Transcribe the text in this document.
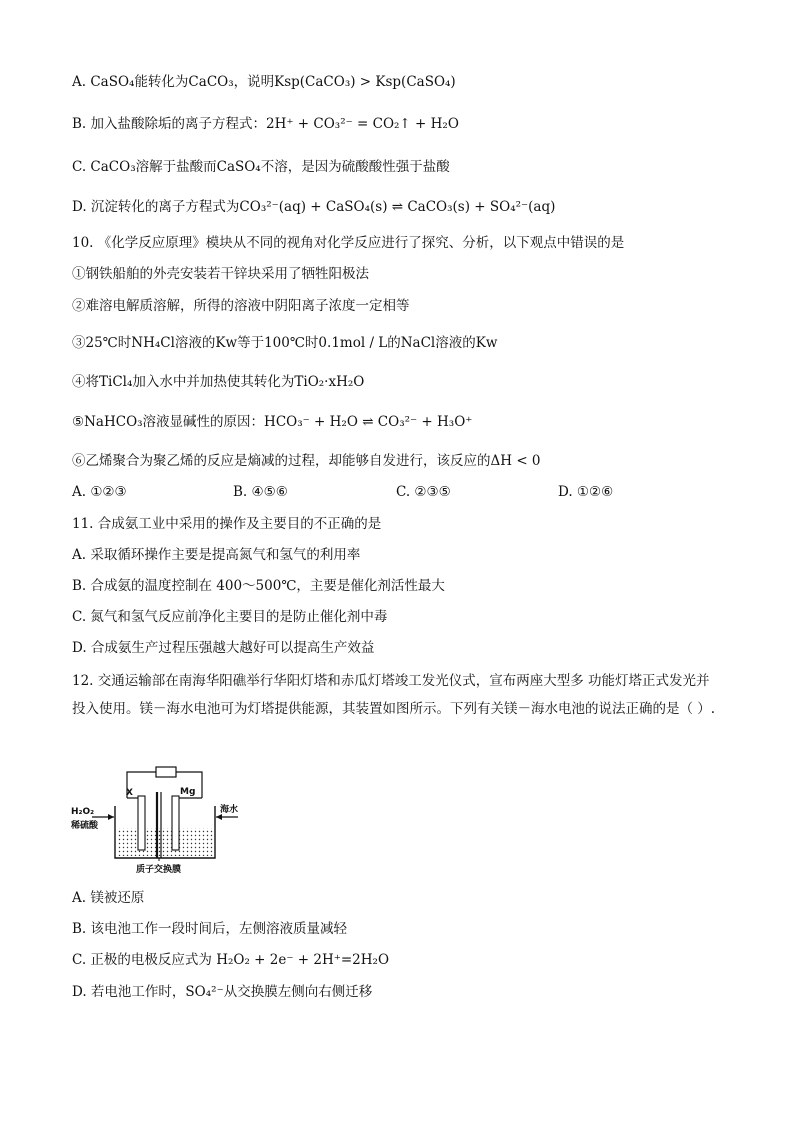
A. CaSO₄能转化为CaCO₃，说明Ksp(CaCO₃) > Ksp(CaSO₄)
B. 加入盐酸除垢的离子方程式：2H⁺ + CO₃²⁻ = CO₂↑ + H₂O
C. CaCO₃溶解于盐酸而CaSO₄不溶，是因为硫酸酸性强于盐酸
D. 沉淀转化的离子方程式为CO₃²⁻(aq) + CaSO₄(s) ⇌ CaCO₃(s) + SO₄²⁻(aq)
10. 《化学反应原理》模块从不同的视角对化学反应进行了探究、分析，以下观点中错误的是
①钢铁船舶的外壳安装若干锌块采用了牺牲阳极法
②难溶电解质溶解，所得的溶液中阴阳离子浓度一定相等
③25℃时NH₄Cl溶液的Kw等于100℃时0.1mol / L的NaCl溶液的Kw
④将TiCl₄加入水中并加热使其转化为TiO₂·xH₂O
⑤NaHCO₃溶液显碱性的原因：HCO₃⁻ + H₂O ⇌ CO₃²⁻ + H₃O⁺
⑥乙烯聚合为聚乙烯的反应是熵减的过程，却能够自发进行，该反应的ΔH < 0
A. ①②③	B. ④⑤⑥	C. ②③⑤	D. ①②⑥
11. 合成氨工业中采用的操作及主要目的不正确的是
A. 采取循环操作主要是提高氮气和氢气的利用率
B. 合成氨的温度控制在 400～500℃，主要是催化剂活性最大
C. 氮气和氢气反应前净化主要目的是防止催化剂中毒
D. 合成氨生产过程压强越大越好可以提高生产效益
12. 交通运输部在南海华阳礁举行华阳灯塔和赤瓜灯塔竣工发光仪式，宣布两座大型多 功能灯塔正式发光并投入使用。镁－海水电池可为灯塔提供能源，其装置如图所示。下列有关镁－海水电池的说法正确的是（ ）.
X	Mg
H₂O₂
稀硫酸
海水
质子交换膜
A. 镁被还原
B. 该电池工作一段时间后，左侧溶液质量减轻
C. 正极的电极反应式为 H₂O₂ + 2e⁻ + 2H⁺=2H₂O
D. 若电池工作时，SO₄²⁻从交换膜左侧向右侧迁移
